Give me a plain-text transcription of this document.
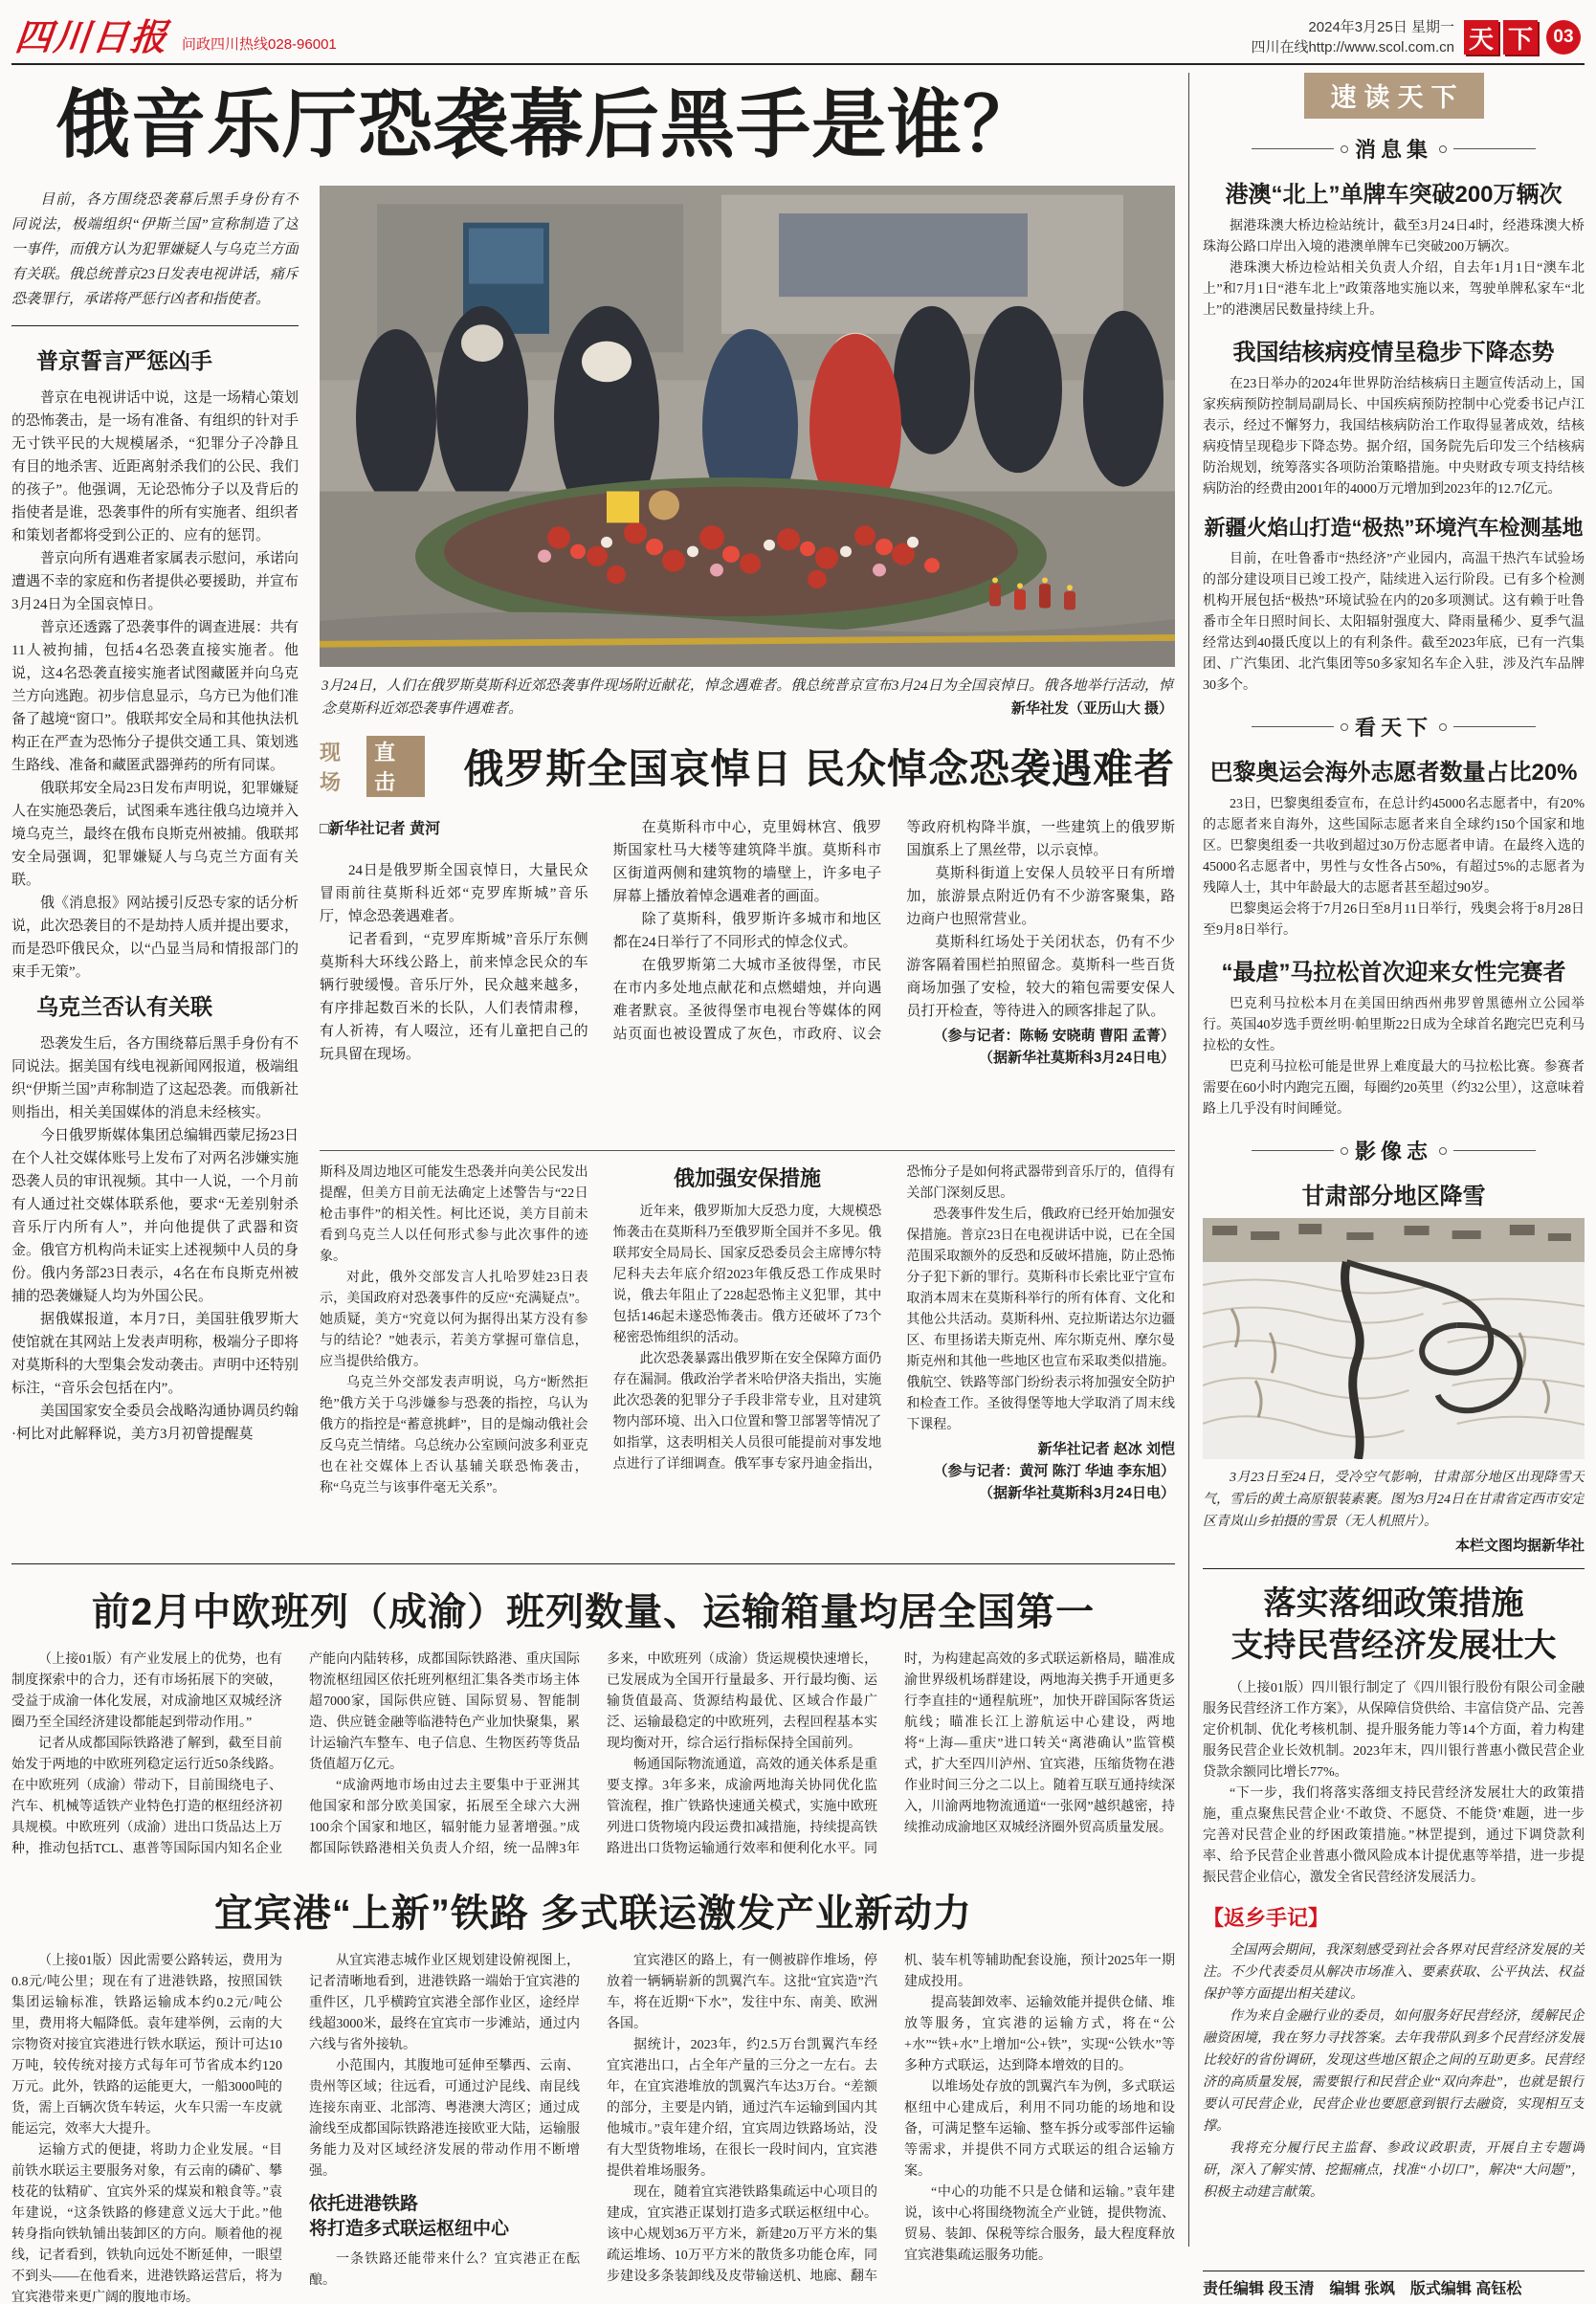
四川日报 问政四川热线028-96001
2024年3月25日 星期一
四川在线http://www.scol.com.cn 天 下	03
俄音乐厅恐袭幕后黑手是谁？

目前，各方围绕恐袭幕后黑手身份有不同说法，极端组织“伊斯兰国”宣称制造了这一事件，而俄方认为犯罪嫌疑人与乌克兰方面有关联。俄总统普京23日发表电视讲话，痛斥恐袭罪行，承诺将严惩行凶者和指使者。

普京誓言严惩凶手

普京在电视讲话中说，这是一场精心策划的恐怖袭击，是一场有准备、有组织的针对手无寸铁平民的大规模屠杀，“犯罪分子冷静且有目的地杀害、近距离射杀我们的公民、我们的孩子”。他强调，无论恐怖分子以及背后的指使者是谁，恐袭事件的所有实施者、组织者和策划者都将受到公正的、应有的惩罚。

普京向所有遇难者家属表示慰问，承诺向遭遇不幸的家庭和伤者提供必要援助，并宣布3月24日为全国哀悼日。

普京还透露了恐袭事件的调查进展：共有11人被拘捕，包括4名恐袭直接实施者。他说，这4名恐袭直接实施者试图藏匿并向乌克兰方向逃跑。初步信息显示，乌方已为他们准备了越境“窗口”。俄联邦安全局和其他执法机构正在严查为恐怖分子提供交通工具、策划逃生路线、准备和藏匿武器弹药的所有同谋。

俄联邦安全局23日发布声明说，犯罪嫌疑人在实施恐袭后，试图乘车逃往俄乌边境并入境乌克兰，最终在俄布良斯克州被捕。俄联邦安全局强调，犯罪嫌疑人与乌克兰方面有关联。

俄《消息报》网站援引反恐专家的话分析说，此次恐袭目的不是劫持人质并提出要求，而是恐吓俄民众，以“凸显当局和情报部门的束手无策”。

乌克兰否认有关联

恐袭发生后，各方围绕幕后黑手身份有不同说法。据美国有线电视新闻网报道，极端组织“伊斯兰国”声称制造了这起恐袭。而俄新社则指出，相关美国媒体的消息未经核实。

今日俄罗斯媒体集团总编辑西蒙尼扬23日在个人社交媒体账号上发布了对两名涉嫌实施恐袭人员的审讯视频。其中一人说，一个月前有人通过社交媒体联系他，要求“无差别射杀音乐厅内所有人”，并向他提供了武器和资金。俄官方机构尚未证实上述视频中人员的身份。俄内务部23日表示，4名在布良斯克州被捕的恐袭嫌疑人均为外国公民。

据俄媒报道，本月7日，美国驻俄罗斯大使馆就在其网站上发表声明称，极端分子即将对莫斯科的大型集会发动袭击。声明中还特别标注，“音乐会包括在内”。

美国国家安全委员会战略沟通协调员约翰·柯比对此解释说，美方3月初曾提醒莫

3月24日，人们在俄罗斯莫斯科近郊恐袭事件现场附近献花，悼念遇难者。俄总统普京宣布3月24日为全国哀悼日。俄各地举行活动，悼念莫斯科近郊恐袭事件遇难者。	新华社发（亚历山大 摄）

现场
直击	俄罗斯全国哀悼日 民众悼念恐袭遇难者

□新华社记者 黄河

24日是俄罗斯全国哀悼日，大量民众冒雨前往莫斯科近郊“克罗库斯城”音乐厅，悼念恐袭遇难者。

记者看到，“克罗库斯城”音乐厅东侧莫斯科大环线公路上，前来悼念民众的车辆行驶缓慢。音乐厅外，民众越来越多，有序排起数百米的长队，人们表情肃穆，有人祈祷，有人啜泣，还有儿童把自己的玩具留在现场。

在莫斯科市中心，克里姆林宫、俄罗斯国家杜马大楼等建筑降半旗。莫斯科市区街道两侧和建筑物的墙壁上，许多电子屏幕上播放着悼念遇难者的画面。

除了莫斯科，俄罗斯许多城市和地区都在24日举行了不同形式的悼念仪式。

在俄罗斯第二大城市圣彼得堡，市民在市内多处地点献花和点燃蜡烛，并向遇难者默哀。圣彼得堡市电视台等媒体的网站页面也被设置成了灰色，市政府、议会等政府机构降半旗，一些建筑上的俄罗斯国旗系上了黑丝带，以示哀悼。

莫斯科街道上安保人员较平日有所增加，旅游景点附近仍有不少游客聚集，路边商户也照常营业。

莫斯科红场处于关闭状态，仍有不少游客隔着围栏拍照留念。莫斯科一些百货商场加强了安检，较大的箱包需要安保人员打开检查，等待进入的顾客排起了队。

（参与记者：陈畅 安晓萌 曹阳 孟菁）

（据新华社莫斯科3月24日电）

斯科及周边地区可能发生恐袭并向美公民发出提醒，但美方目前无法确定上述警告与“22日枪击事件”的相关性。柯比还说，美方目前未看到乌克兰人以任何形式参与此次事件的迹象。

对此，俄外交部发言人扎哈罗娃23日表示，美国政府对恐袭事件的反应“充满疑点”。她质疑，美方“究竟以何为据得出某方没有参与的结论？”她表示，若美方掌握可靠信息，应当提供给俄方。

乌克兰外交部发表声明说，乌方“断然拒绝”俄方关于乌涉嫌参与恐袭的指控，乌认为俄方的指控是“蓄意挑衅”，目的是煽动俄社会反乌克兰情绪。乌总统办公室顾问波多利亚克也在社交媒体上否认基辅关联恐怖袭击，称“乌克兰与该事件毫无关系”。

俄加强安保措施

近年来，俄罗斯加大反恐力度，大规模恐怖袭击在莫斯科乃至俄罗斯全国并不多见。俄联邦安全局局长、国家反恐委员会主席博尔特尼科夫去年底介绍2023年俄反恐工作成果时说，俄去年阻止了228起恐怖主义犯罪，其中包括146起未遂恐怖袭击。俄方还破坏了73个秘密恐怖组织的活动。

此次恐袭暴露出俄罗斯在安全保障方面仍存在漏洞。俄政治学者米哈伊洛夫指出，实施此次恐袭的犯罪分子手段非常专业，且对建筑物内部环境、出入口位置和警卫部署等情况了如指掌，这表明相关人员很可能提前对事发地点进行了详细调查。俄军事专家丹迪金指出，恐怖分子是如何将武器带到音乐厅的，值得有关部门深刻反思。

恐袭事件发生后，俄政府已经开始加强安保措施。普京23日在电视讲话中说，已在全国范围采取额外的反恐和反破坏措施，防止恐怖分子犯下新的罪行。莫斯科市长索比亚宁宣布取消本周末在莫斯科举行的所有体育、文化和其他公共活动。莫斯科州、克拉斯诺达尔边疆区、布里扬诺夫斯克州、库尔斯克州、摩尔曼斯克州和其他一些地区也宣布采取类似措施。俄航空、铁路等部门纷纷表示将加强安全防护和检查工作。圣彼得堡等地大学取消了周末线下课程。

新华社记者 赵冰 刘恺

（参与记者：黄河 陈汀 华迪 李东旭）

（据新华社莫斯科3月24日电）

前2月中欧班列（成渝）班列数量、运输箱量均居全国第一

（上接01版）有产业发展上的优势，也有制度探索中的合力，还有市场拓展下的突破，受益于成渝一体化发展，对成渝地区双城经济圈乃至全国经济建设都能起到带动作用。”

记者从成都国际铁路港了解到，截至目前始发于两地的中欧班列稳定运行近50条线路。在中欧班列（成渝）带动下，目前围绕电子、汽车、机械等适铁产业特色打造的枢纽经济初具规模。中欧班列（成渝）进出口货品达上万种，推动包括TCL、惠普等国际国内知名企业产能向内陆转移，成都国际铁路港、重庆国际物流枢纽园区依托班列枢纽汇集各类市场主体超7000家，国际供应链、国际贸易、智能制造、供应链金融等临港特色产业加快聚集，累计运输汽车整车、电子信息、生物医药等货品货值超万亿元。

“成渝两地市场由过去主要集中于亚洲其他国家和部分欧美国家，拓展至全球六大洲100余个国家和地区，辐射能力显著增强。”成都国际铁路港相关负责人介绍，统一品牌3年多来，中欧班列（成渝）货运规模快速增长，已发展成为全国开行量最多、开行最均衡、运输货值最高、货源结构最优、区域合作最广泛、运输最稳定的中欧班列，去程回程基本实现均衡对开，综合运行指标保持全国前列。

畅通国际物流通道，高效的通关体系是重要支撑。3年多来，成渝两地海关协同优化监管流程，推广铁路快速通关模式，实施中欧班列进口货物境内段运费扣减措施，持续提高铁路进出口货物运输通行效率和便利化水平。同时，为构建起高效的多式联运新格局，瞄准成渝世界级机场群建设，两地海关携手开通更多行李直挂的“通程航班”，加快开辟国际客货运航线；瞄准长江上游航运中心建设，两地将“上海—重庆”进口转关“离港确认”监管模式，扩大至四川泸州、宜宾港，压缩货物在港作业时间三分之二以上。随着互联互通持续深入，川渝两地物流通道“一张网”越织越密，持续推动成渝地区双城经济圈外贸高质量发展。

宜宾港“上新”铁路 多式联运激发产业新动力

（上接01版）因此需要公路转运，费用为0.8元/吨公里；现在有了进港铁路，按照国铁集团运输标准，铁路运输成本约0.2元/吨公里，费用将大幅降低。袁年建举例，云南的大宗物资对接宜宾港进行铁水联运，预计可达10万吨，较传统对接方式每年可节省成本约120万元。此外，铁路的运能更大，一船3000吨的货，需上百辆次货车转运，火车只需一车皮就能运完，效率大大提升。

运输方式的便捷，将助力企业发展。“目前铁水联运主要服务对象，有云南的磷矿、攀枝花的钛精矿、宜宾外采的煤炭和粮食等。”袁年建说，“这条铁路的修建意义远大于此。”他转身指向铁轨铺出装卸区的方向。顺着他的视线，记者看到，铁轨向远处不断延伸，一眼望不到头——在他看来，进港铁路运营后，将为宜宾港带来更广阔的腹地市场。

从宜宾港志城作业区规划建设俯视图上，记者清晰地看到，进港铁路一端始于宜宾港的重件区，几乎横跨宜宾港全部作业区，途经岸线超3000米，最终在宜宾市一步滩站，通过内六线与省外接轨。

小范围内，其腹地可延伸至攀西、云南、贵州等区域；往远看，可通过沪昆线、南昆线连接东南亚、北部湾、粤港澳大湾区；通过成渝线至成都国际铁路港连接欧亚大陆，运输服务能力及对区域经济发展的带动作用不断增强。

依托进港铁路
将打造多式联运枢纽中心

一条铁路还能带来什么？宜宾港正在酝酿。

宜宾港区的路上，有一侧被辟作堆场，停放着一辆辆崭新的凯翼汽车。这批“宜宾造”汽车，将在近期“下水”，发往中东、南美、欧洲各国。

据统计，2023年，约2.5万台凯翼汽车经宜宾港出口，占全年产量的三分之一左右。去年，在宜宾港堆放的凯翼汽车达3万台。“差额的部分，主要是内销，通过汽车运输到国内其他城市。”袁年建介绍，宜宾周边铁路场站，没有大型货物堆场，在很长一段时间内，宜宾港提供着堆场服务。

现在，随着宜宾港铁路集疏运中心项目的建成，宜宾港正谋划打造多式联运枢纽中心。该中心规划36万平方米，新建20万平方米的集疏运堆场、10万平方米的散货多功能仓库，同步建设多条装卸线及皮带输送机、地廊、翻车机、装车机等辅助配套设施，预计2025年一期建成投用。

提高装卸效率、运输效能并提供仓储、堆放等服务，宜宾港的运输方式，将在“公+水”“铁+水”上增加“公+铁”，实现“公铁水”等多种方式联运，达到降本增效的目的。

以堆场处存放的凯翼汽车为例，多式联运枢纽中心建成后，利用不同功能的场地和设备，可满足整车运输、整车拆分或零部件运输等需求，并提供不同方式联运的组合运输方案。

“中心的功能不只是仓储和运输。”袁年建说，该中心将围绕物流全产业链，提供物流、贸易、装卸、保税等综合服务，最大程度释放宜宾港集疏运服务功能。

速读天下
消息集
港澳“北上”单牌车突破200万辆次

据港珠澳大桥边检站统计，截至3月24日4时，经港珠澳大桥珠海公路口岸出入境的港澳单牌车已突破200万辆次。

港珠澳大桥边检站相关负责人介绍，自去年1月1日“澳车北上”和7月1日“港车北上”政策落地实施以来，驾驶单牌私家车“北上”的港澳居民数量持续上升。

我国结核病疫情呈稳步下降态势

在23日举办的2024年世界防治结核病日主题宣传活动上，国家疾病预防控制局副局长、中国疾病预防控制中心党委书记卢江表示，经过不懈努力，我国结核病防治工作取得显著成效，结核病疫情呈现稳步下降态势。据介绍，国务院先后印发三个结核病防治规划，统筹落实各项防治策略措施。中央财政专项支持结核病防治的经费由2001年的4000万元增加到2023年的12.7亿元。

新疆火焰山打造“极热”环境汽车检测基地

目前，在吐鲁番市“热经济”产业园内，高温干热汽车试验场的部分建设项目已竣工投产，陆续进入运行阶段。已有多个检测机构开展包括“极热”环境试验在内的20多项测试。这有赖于吐鲁番市全年日照时间长、太阳辐射强度大、降雨量稀少、夏季气温经常达到40摄氏度以上的有利条件。截至2023年底，已有一汽集团、广汽集团、北汽集团等50多家知名车企入驻，涉及汽车品牌30多个。

看天下
巴黎奥运会海外志愿者数量占比20%

23日，巴黎奥组委宣布，在总计约45000名志愿者中，有20%的志愿者来自海外，这些国际志愿者来自全球约150个国家和地区。巴黎奥组委一共收到超过30万份志愿者申请。在最终入选的45000名志愿者中，男性与女性各占50%，有超过5%的志愿者为残障人士，其中年龄最大的志愿者甚至超过90岁。

巴黎奥运会将于7月26日至8月11日举行，残奥会将于8月28日至9月8日举行。

“最虐”马拉松首次迎来女性完赛者

巴克利马拉松本月在美国田纳西州弗罗曾黑德州立公园举行。英国40岁选手贾丝明·帕里斯22日成为全球首名跑完巴克利马拉松的女性。

巴克利马拉松可能是世界上难度最大的马拉松比赛。参赛者需要在60小时内跑完五圈，每圈约20英里（约32公里），这意味着路上几乎没有时间睡觉。

影像志
甘肃部分地区降雪

3月23日至24日，受冷空气影响，甘肃部分地区出现降雪天气，雪后的黄土高原银装素裹。图为3月24日在甘肃省定西市安定区青岚山乡拍摄的雪景（无人机照片）。

本栏文图均据新华社

落实落细政策措施
支持民营经济发展壮大

（上接01版）四川银行制定了《四川银行股份有限公司金融服务民营经济工作方案》，从保障信贷供给、丰富信贷产品、完善定价机制、优化考核机制、提升服务能力等14个方面，着力构建服务民营企业长效机制。2023年末，四川银行普惠小微民营企业贷款余额同比增长77%。

“下一步，我们将落实落细支持民营经济发展壮大的政策措施，重点聚焦民营企业‘不敢贷、不愿贷、不能贷’难题，进一步完善对民营企业的纾困政策措施。”林罡提到，通过下调贷款利率、给予民营企业普惠小微风险成本计提优惠等举措，进一步提振民营企业信心，激发全省民营经济发展活力。

【返乡手记】

全国两会期间，我深刻感受到社会各界对民营经济发展的关注。不少代表委员从解决市场准入、要素获取、公平执法、权益保护等方面提出相关建议。

作为来自金融行业的委员，如何服务好民营经济，缓解民企融资困境，我在努力寻找答案。去年我带队到多个民营经济发展比较好的省份调研，发现这些地区银企之间的互助更多。民营经济的高质量发展，需要银行和民营企业“双向奔赴”，也就是银行要认可民营企业，民营企业也要愿意到银行去融资，实现相互支撑。

我将充分履行民主监督、参政议政职责，开展自主专题调研，深入了解实情、挖掘痛点，找准“小切口”，解决“大问题”，积极主动建言献策。

责任编辑 段玉清　编辑 张飒　版式编辑 高钰松
